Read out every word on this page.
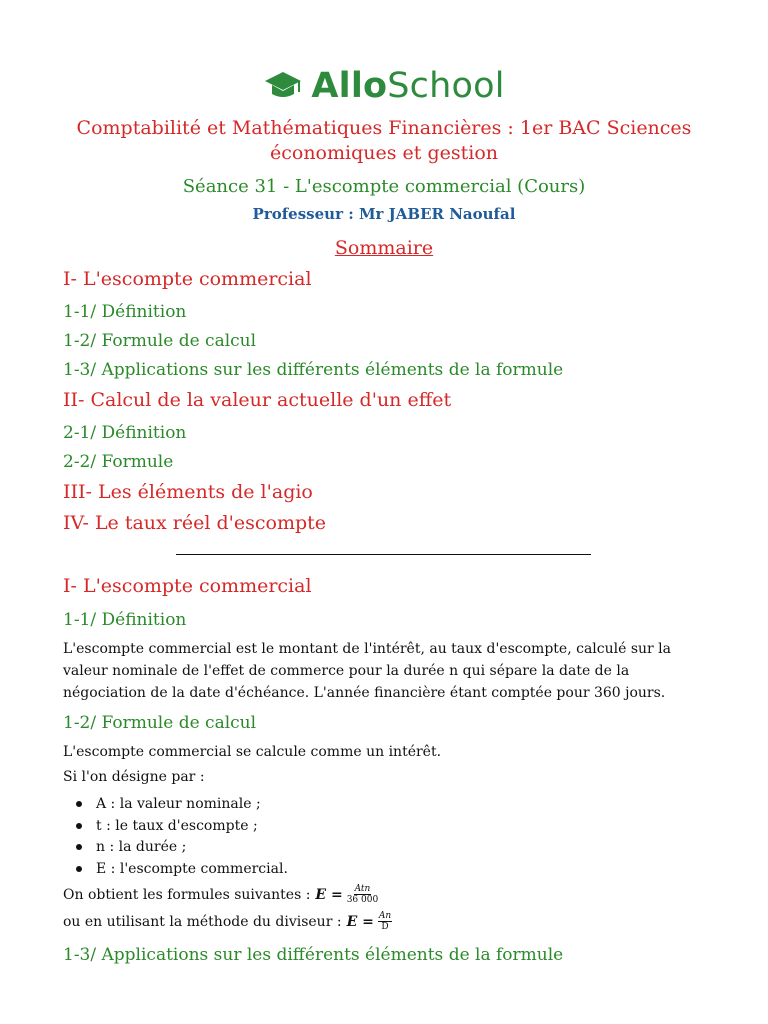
AlloSchool
Comptabilité et Mathématiques Financières : 1er BAC Sciences
économiques et gestion
Séance 31 - L'escompte commercial (Cours)
Professeur : Mr JABER Naoufal
Sommaire
I- L'escompte commercial
1-1/ Définition
1-2/ Formule de calcul
1-3/ Applications sur les différents éléments de la formule
II- Calcul de la valeur actuelle d'un effet
2-1/ Définition
2-2/ Formule
III- Les éléments de l'agio
IV- Le taux réel d'escompte
I- L'escompte commercial
1-1/ Définition
L'escompte commercial est le montant de l'intérêt, au taux d'escompte, calculé sur la valeur nominale de l'effet de commerce pour la durée n qui sépare la date de la négociation de la date d'échéance. L'année financière étant comptée pour 360 jours.
1-2/ Formule de calcul
L'escompte commercial se calcule comme un intérêt.
Si l'on désigne par :
A : la valeur nominale ;
t : le taux d'escompte ;
n : la durée ;
E : l'escompte commercial.
On obtient les formules suivantes : $E = \frac{\text{Atn}}{36 000}$
ou en utilisant la méthode du diviseur : $E = \frac{An}{D}$
1-3/ Applications sur les différents éléments de la formule
